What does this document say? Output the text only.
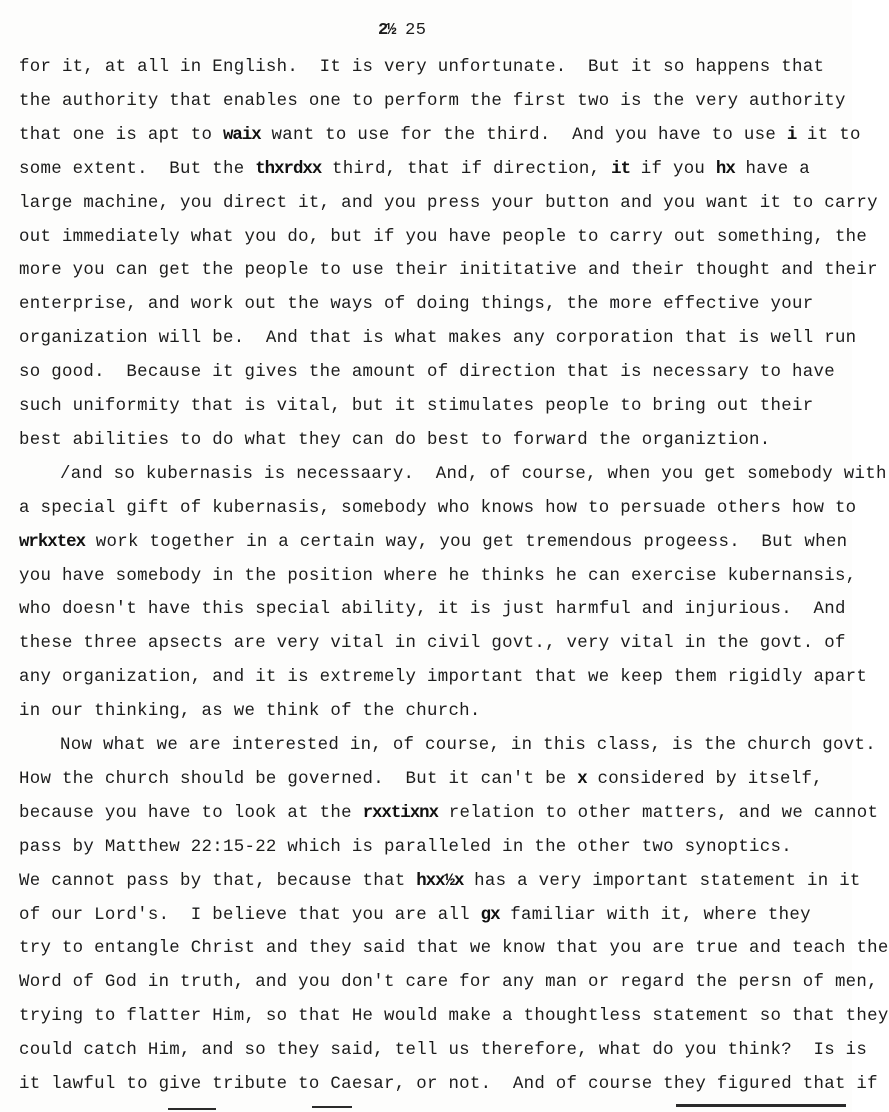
2½ 25
for it, at all in English.  It is very unfortunate.  But it so happens that
the authority that enables one to perform the first two is the very authority
that one is apt to waix want to use for the third.  And you have to use i it to
some extent.  But the thxrdxx third, that if direction, it if you hx have a
large machine, you direct it, and you press your button and you want it to carry
out immediately what you do, but if you have people to carry out something, the
more you can get the people to use their inititative and their thought and their
enterprise, and work out the ways of doing things, the more effective your
organization will be.  And that is what makes any corporation that is well run
so good.  Because it gives the amount of direction that is necessary to have
such uniformity that is vital, but it stimulates people to bring out their
best abilities to do what they can do best to forward the organiztion.
/and so kubernasis is necessaary.  And, of course, when you get somebody with
a special gift of kubernasis, somebody who knows how to persuade others how to
wrkxtex work together in a certain way, you get tremendous progeess.  But when
you have somebody in the position where he thinks he can exercise kubernansis,
who doesn't have this special ability, it is just harmful and injurious.  And
these three apsects are very vital in civil govt., very vital in the govt. of
any organization, and it is extremely important that we keep them rigidly apart
in our thinking, as we think of the church.
Now what we are interested in, of course, in this class, is the church govt.
How the church should be governed.  But it can't be x considered by itself,
because you have to look at the rxxtixnx relation to other matters, and we cannot
pass by Matthew 22:15-22 which is paralleled in the other two synoptics.
We cannot pass by that, because that hxx½x has a very important statement in it
of our Lord's.  I believe that you are all gx familiar with it, where they
try to entangle Christ and they said that we know that you are true and teach the
Word of God in truth, and you don't care for any man or regard the persn of men,
trying to flatter Him, so that He would make a thoughtless statement so that they
could catch Him, and so they said, tell us therefore, what do you think?  Is is
it lawful to give tribute to Caesar, or not.  And of course they figured that if
